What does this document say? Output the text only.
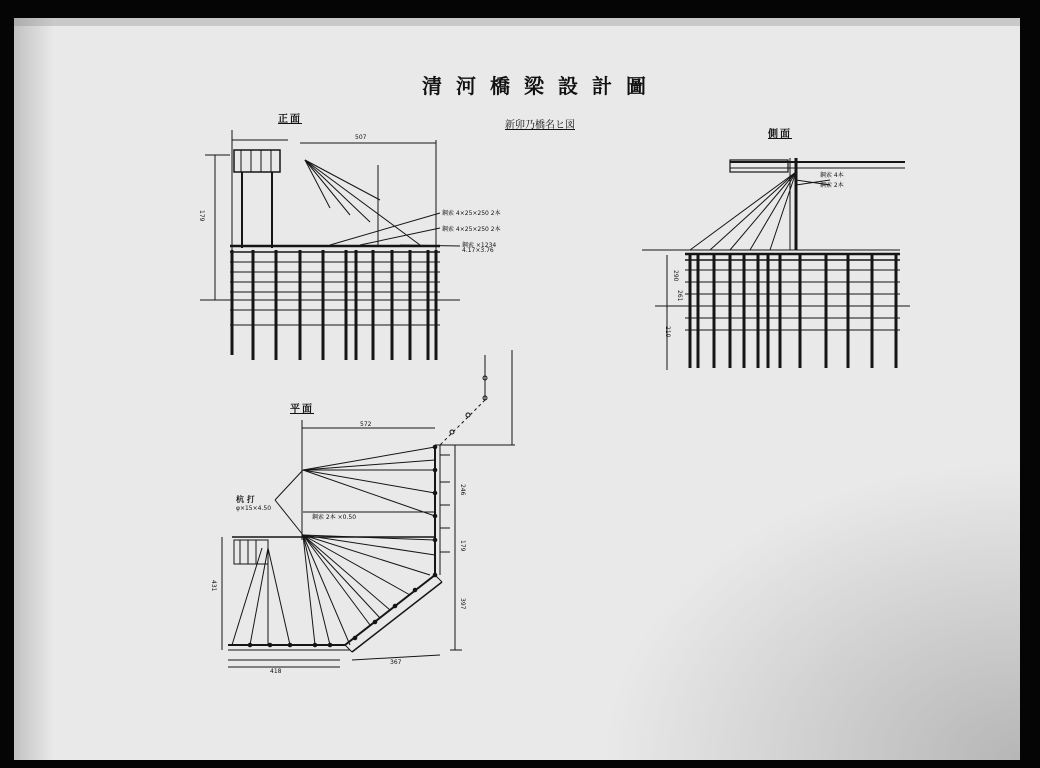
清河橋梁設計圖
新卯乃橋名ヒ図
正面
側面
平面
507
179	鋼索 4×25×250 2本
鋼索 4×25×250 2本
鋼索 ×1234
4.17×3.76
鋼索 4本
鋼索 2本
290
261
210
572
杭 打
φ×15×4.50
鋼索 2本 ×0.50
246
179
431
397
418
367
